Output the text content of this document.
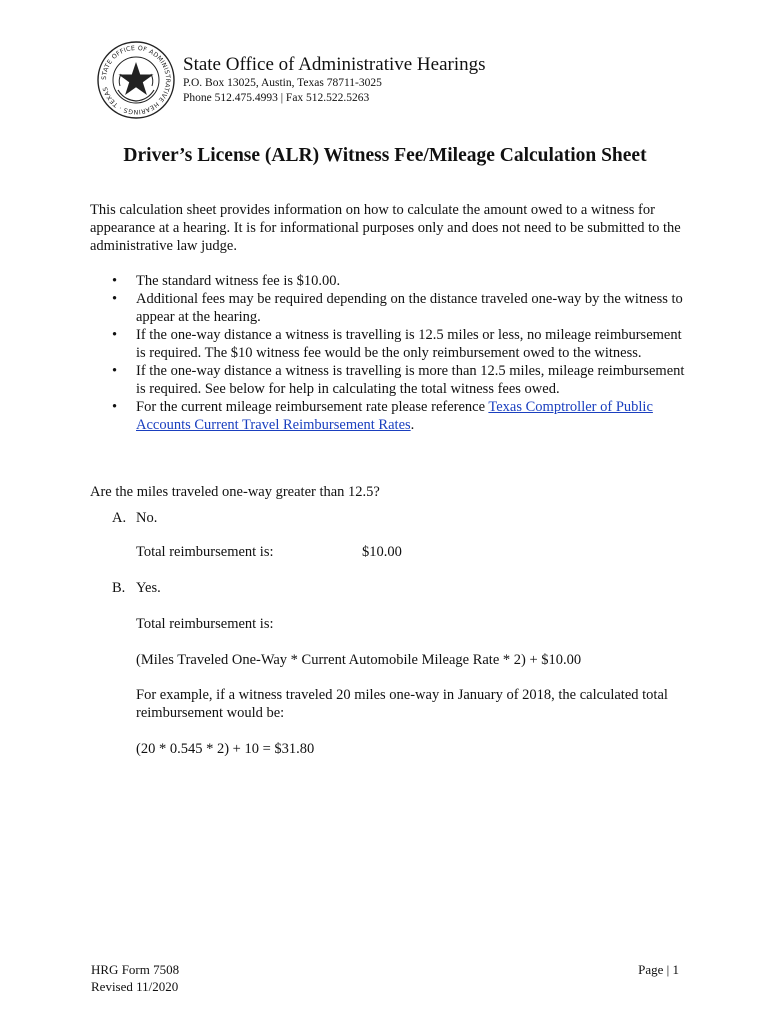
STATE OFFICE OF ADMINISTRATIVE HEARINGS · TEXAS
State Office of Administrative Hearings
P.O. Box 13025, Austin, Texas 78711-3025
Phone 512.475.4993 | Fax 512.522.5263
Driver’s License (ALR) Witness Fee/Mileage Calculation Sheet
This calculation sheet provides information on how to calculate the amount owed to a witness for appearance at a hearing. It is for informational purposes only and does not need to be submitted to the administrative law judge.
• The standard witness fee is $10.00.
• Additional fees may be required depending on the distance traveled one-way by the witness to appear at the hearing.
• If the one-way distance a witness is travelling is 12.5 miles or less, no mileage reimbursement is required. The $10 witness fee would be the only reimbursement owed to the witness.
• If the one-way distance a witness is travelling is more than 12.5 miles, mileage reimbursement is required. See below for help in calculating the total witness fees owed.
• For the current mileage reimbursement rate please reference Texas Comptroller of Public Accounts Current Travel Reimbursement Rates.
Are the miles traveled one-way greater than 12.5?
A. No.
Total reimbursement is:	$10.00
B. Yes.
Total reimbursement is:
(Miles Traveled One-Way * Current Automobile Mileage Rate * 2) + $10.00
For example, if a witness traveled 20 miles one-way in January of 2018, the calculated total reimbursement would be:
(20 * 0.545 * 2) + 10 = $31.80
HRG Form 7508
Revised 11/2020
Page | 1
